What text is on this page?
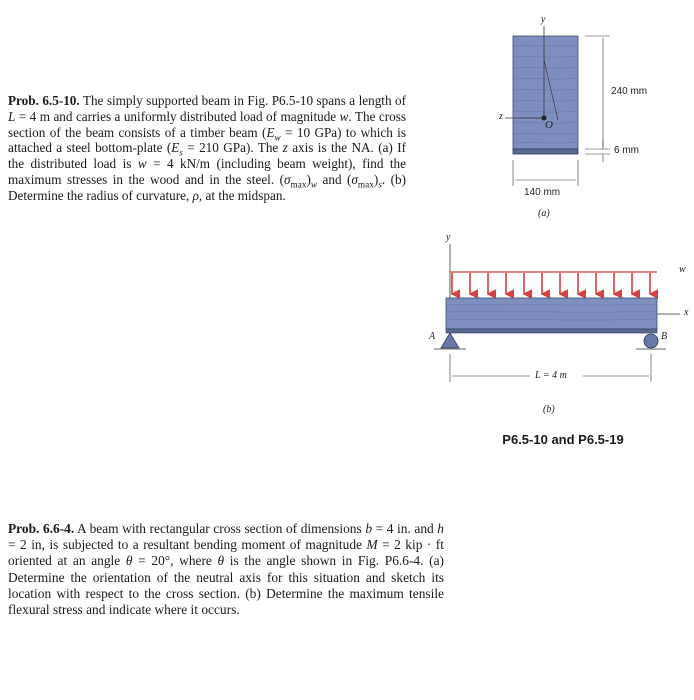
Prob. 6.5-10. The simply supported beam in Fig. P6.5-10 spans a length of L = 4 m and carries a uniformly distributed load of magnitude w. The cross section of the beam consists of a timber beam ($E_w = 10$ GPa) to which is attached a steel bottom-plate ($E_s = 210$ GPa). The z axis is the NA. (a) If the distributed load is w = 4 kN/m (including beam weight), find the maximum stresses in the wood and in the steel. $(\sigma_{max})_w$ and $(\sigma_{max})_s$. (b) Determine the radius of curvature, ρ, at the midspan.

y
z
O
240 mm
6 mm
140 mm
(a)
y
w
x
A	B
L = 4 m
(b)
P6.5-10 and P6.5-19

Prob. 6.6-4. A beam with rectangular cross section of dimensions b = 4 in. and h = 2 in, is subjected to a resultant bending moment of magnitude M = 2 kip · ft oriented at an angle θ = 20°, where θ is the angle shown in Fig. P6.6-4. (a) Determine the orientation of the neutral axis for this situation and sketch its location with respect to the cross section. (b) Determine the maximum tensile flexural stress and indicate where it occurs.
